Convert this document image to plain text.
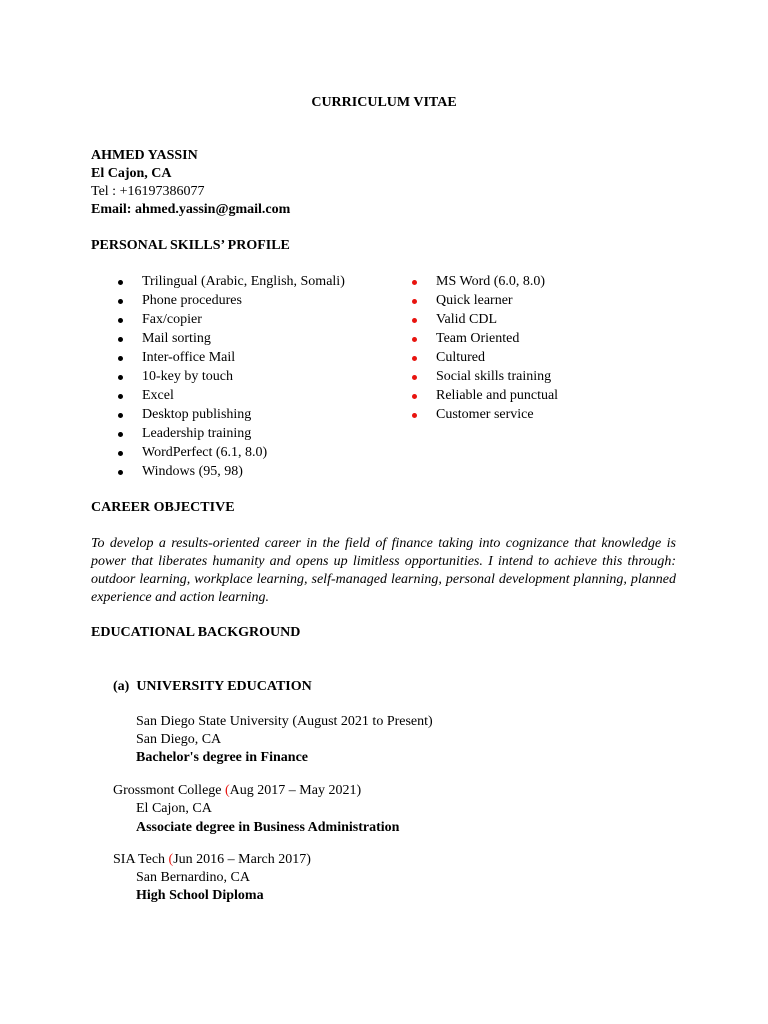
CURRICULUM VITAE
AHMED YASSIN
El Cajon, CA
Tel : +16197386077
Email: ahmed.yassin@gmail.com
PERSONAL SKILLS’ PROFILE
Trilingual (Arabic, English, Somali)
Phone procedures
Fax/copier
Mail sorting
Inter-office Mail
10-key by touch
Excel
Desktop publishing
Leadership training
WordPerfect (6.1, 8.0)
Windows (95, 98)
MS Word (6.0, 8.0)
Quick learner
Valid CDL
Team Oriented
Cultured
Social skills training
Reliable and punctual
Customer service
CAREER OBJECTIVE
To develop a results-oriented career in the field of finance taking into cognizance that knowledge is power that liberates humanity and opens up limitless opportunities. I intend to achieve this through: outdoor learning, workplace learning, self-managed learning, personal development planning, planned experience and action learning.
EDUCATIONAL BACKGROUND
(a)  UNIVERSITY EDUCATION
San Diego State University (August 2021 to Present)
San Diego, CA
Bachelor's degree in Finance
Grossmont College (Aug 2017 – May 2021)
El Cajon, CA
Associate degree in Business Administration
SIA Tech (Jun 2016 – March 2017)
San Bernardino, CA
High School Diploma
